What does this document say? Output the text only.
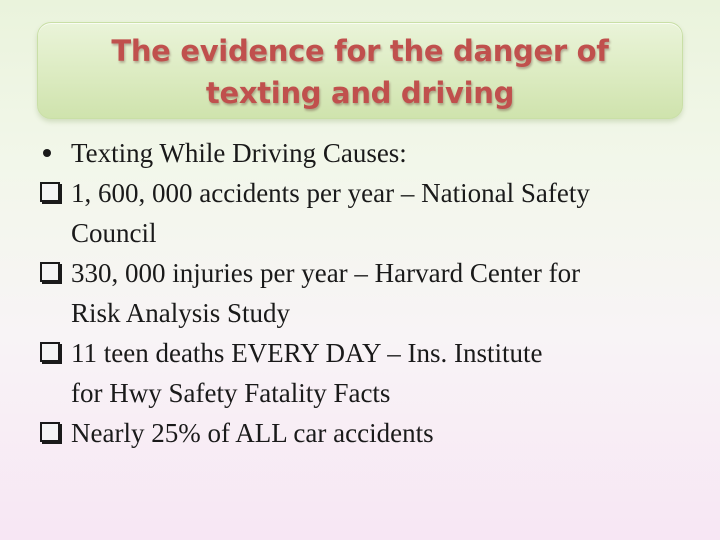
The evidence for the danger of
texting and driving
Texting While Driving Causes:
1, 600, 000 accidents per year – National Safety
Council
330, 000 injuries per year – Harvard Center for
Risk Analysis Study
11 teen deaths EVERY DAY – Ins. Institute
for Hwy Safety Fatality Facts
Nearly 25% of ALL car accidents
